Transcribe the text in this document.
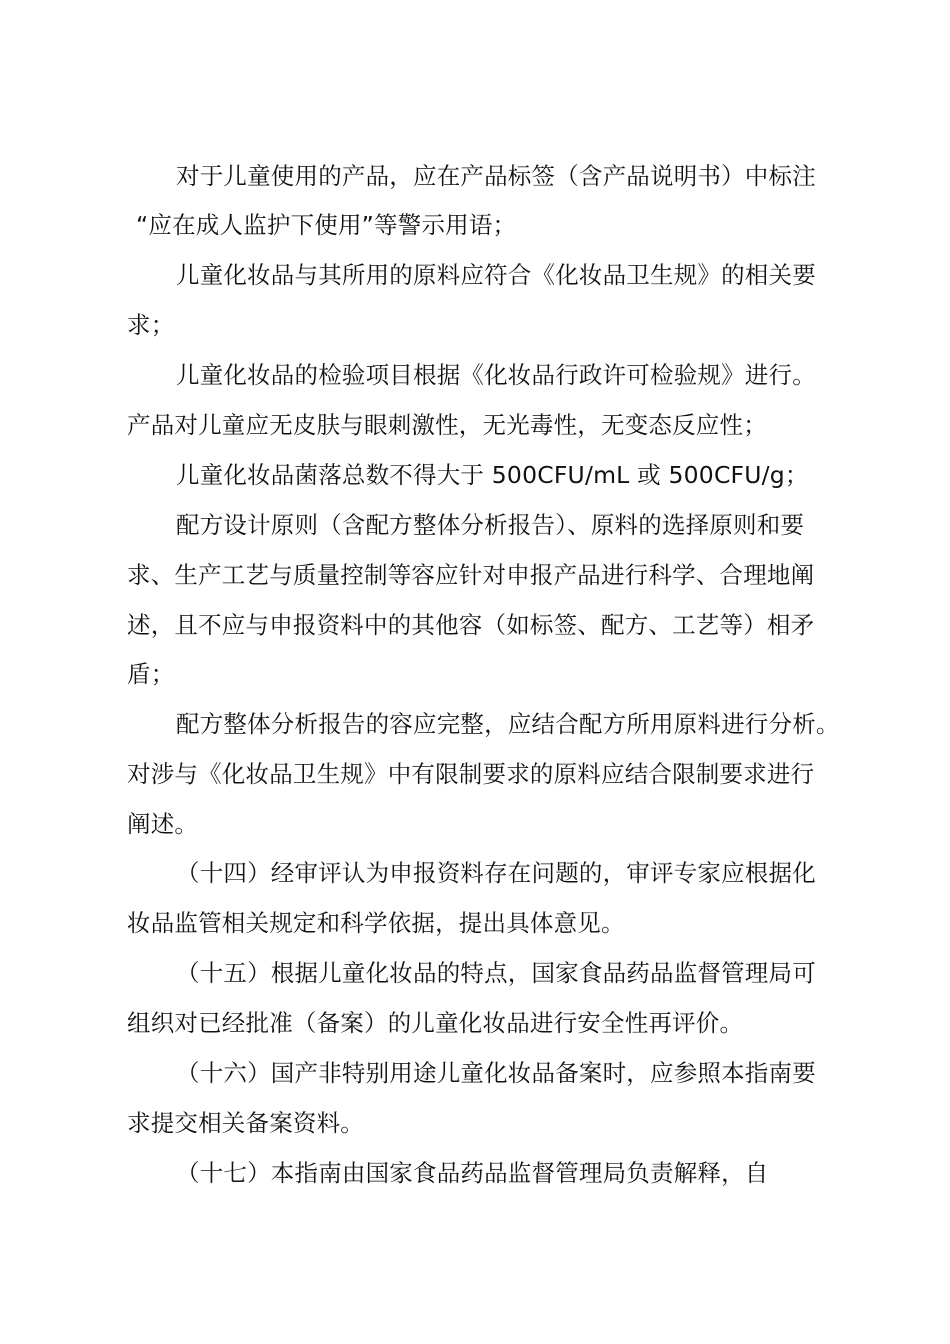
对于儿童使用的产品，应在产品标签（含产品说明书）中标注
“应在成人监护下使用”等警示用语；
儿童化妆品与其所用的原料应符合《化妆品卫生规》的相关要
求；
儿童化妆品的检验项目根据《化妆品行政许可检验规》进行。
产品对儿童应无皮肤与眼刺激性，无光毒性，无变态反应性；
儿童化妆品菌落总数不得大于 500CFU/mL 或 500CFU/g；
配方设计原则（含配方整体分析报告）、原料的选择原则和要
求、生产工艺与质量控制等容应针对申报产品进行科学、合理地阐
述，且不应与申报资料中的其他容（如标签、配方、工艺等）相矛
盾；
配方整体分析报告的容应完整，应结合配方所用原料进行分析。
对涉与《化妆品卫生规》中有限制要求的原料应结合限制要求进行
阐述。
（十四）经审评认为申报资料存在问题的，审评专家应根据化
妆品监管相关规定和科学依据，提出具体意见。
（十五）根据儿童化妆品的特点，国家食品药品监督管理局可
组织对已经批准（备案）的儿童化妆品进行安全性再评价。
（十六）国产非特别用途儿童化妆品备案时，应参照本指南要
求提交相关备案资料。
（十七）本指南由国家食品药品监督管理局负责解释，自
